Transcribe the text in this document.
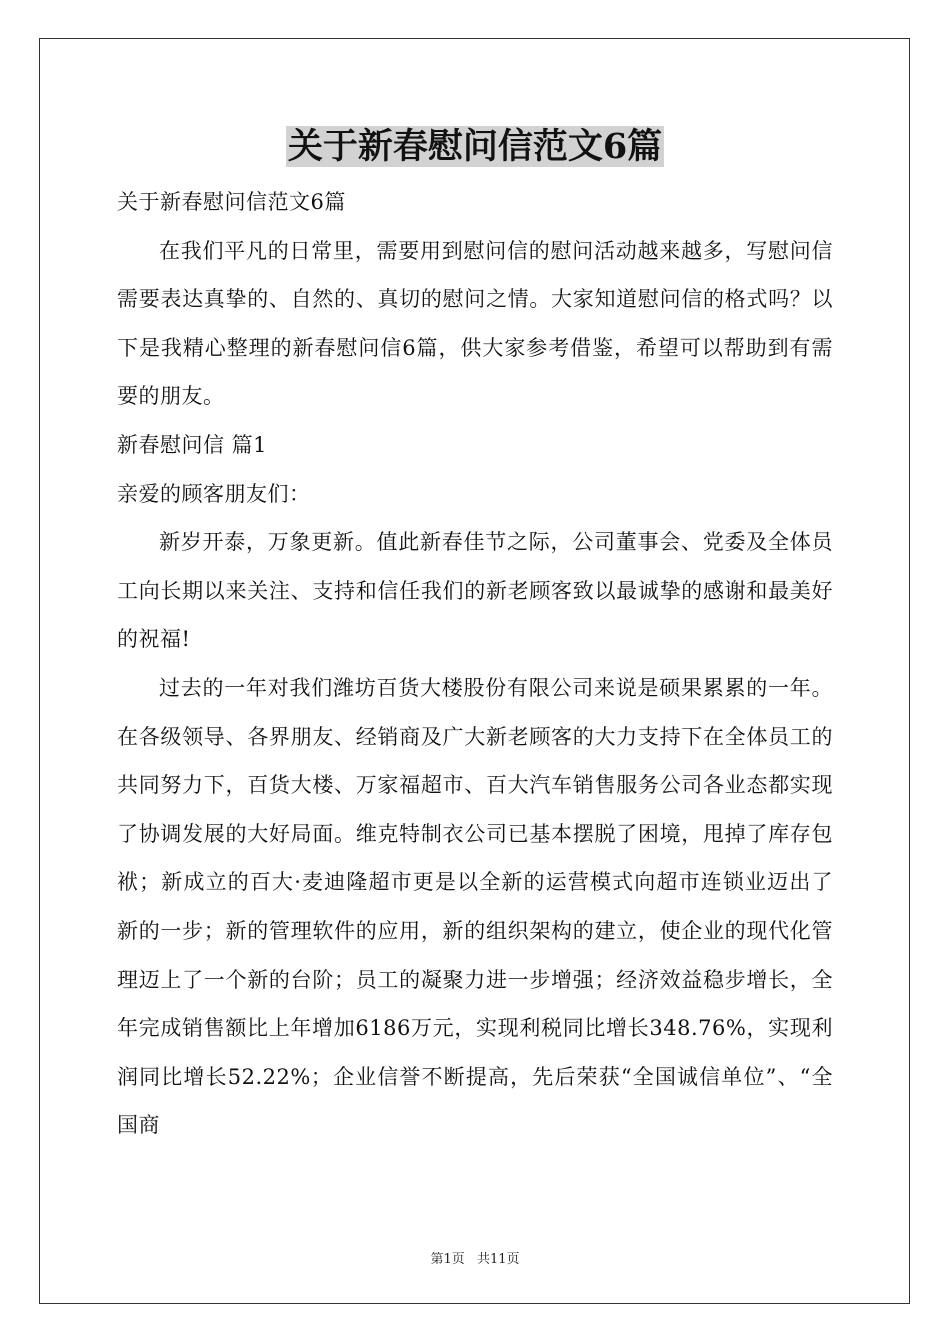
关于新春慰问信范文6篇

关于新春慰问信范文6篇

在我们平凡的日常里，需要用到慰问信的慰问活动越来越多，写慰问信需要表达真挚的、自然的、真切的慰问之情。大家知道慰问信的格式吗？以下是我精心整理的新春慰问信6篇，供大家参考借鉴，希望可以帮助到有需要的朋友。

新春慰问信 篇1

亲爱的顾客朋友们：

新岁开泰，万象更新。值此新春佳节之际，公司董事会、党委及全体员工向长期以来关注、支持和信任我们的新老顾客致以最诚挚的感谢和最美好的祝福!

过去的一年对我们潍坊百货大楼股份有限公司来说是硕果累累的一年。在各级领导、各界朋友、经销商及广大新老顾客的大力支持下在全体员工的共同努力下，百货大楼、万家福超市、百大汽车销售服务公司各业态都实现了协调发展的大好局面。维克特制衣公司已基本摆脱了困境，甩掉了库存包袱；新成立的百大·麦迪隆超市更是以全新的运营模式向超市连锁业迈出了新的一步；新的管理软件的应用，新的组织架构的建立，使企业的现代化管理迈上了一个新的台阶；员工的凝聚力进一步增强；经济效益稳步增长，全年完成销售额比上年增加6186万元，实现利税同比增长348.76%，实现利润同比增长52.22%；企业信誉不断提高，先后荣获“全国诚信单位”、“全国商

第1页 共11页
